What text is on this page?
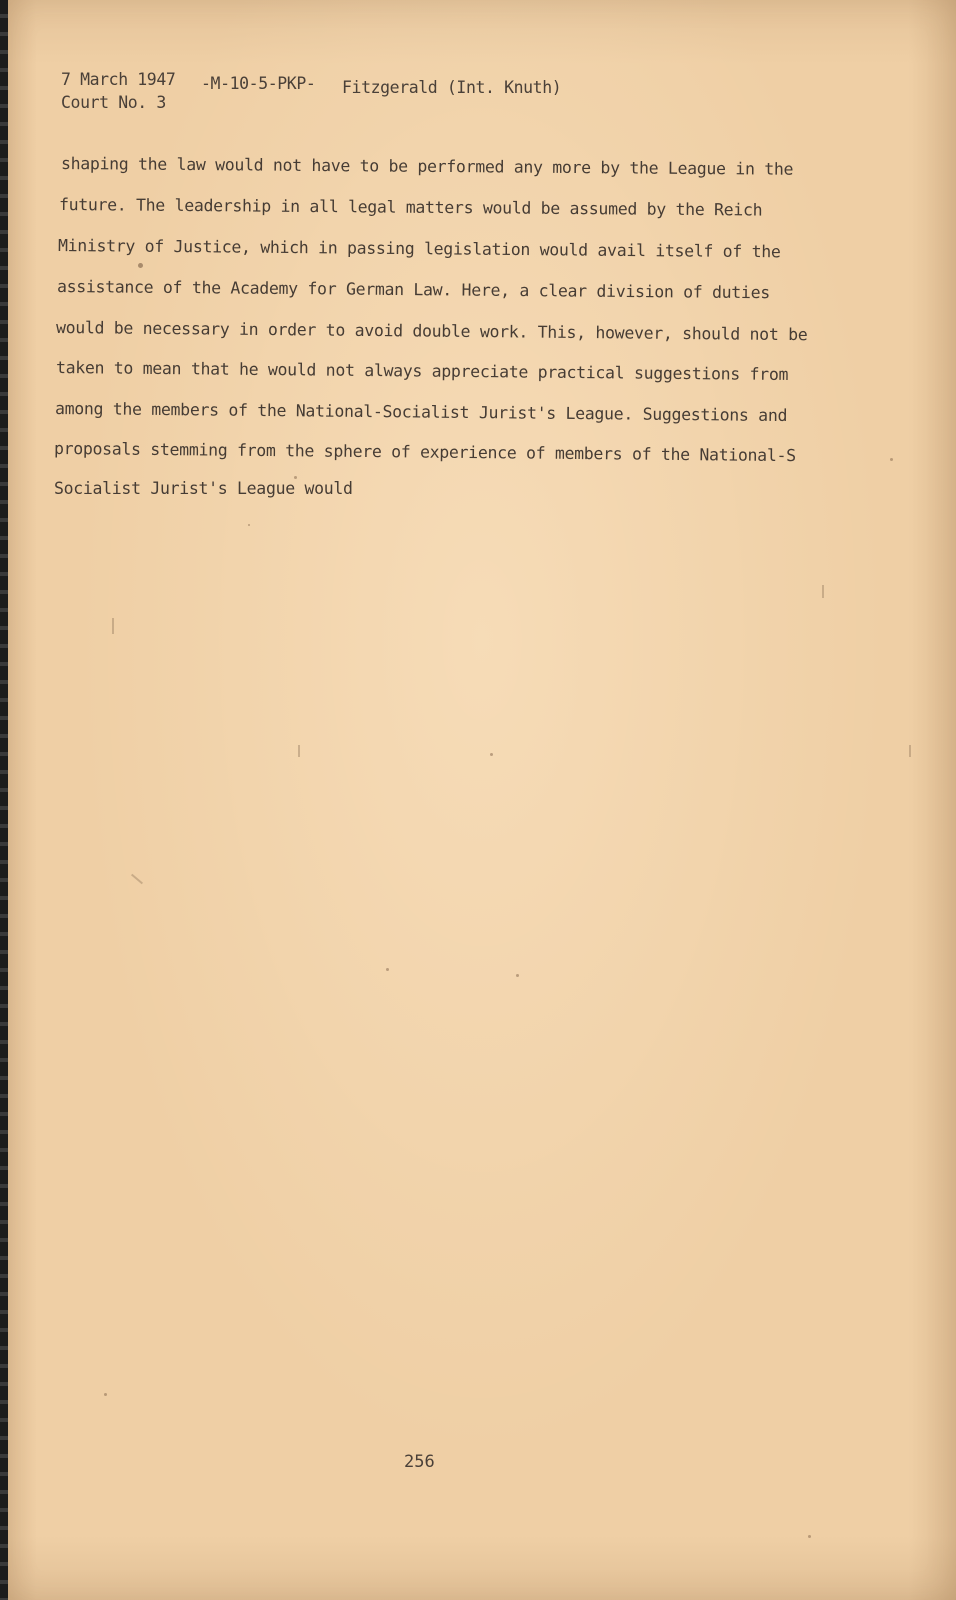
7 March 1947 -M-10-5-PKP- Fitzgerald (Int. Knuth)
Court No. 3
shaping the law would not have to be performed any more by the League in the
future. The leadership in all legal matters would be assumed by the Reich
Ministry of Justice, which in passing legislation would avail itself of the
assistance of the Academy for German Law. Here, a clear division of duties
would be necessary in order to avoid double work. This, however, should not be
taken to mean that he would not always appreciate practical suggestions from
among the members of the National-Socialist Jurist's League. Suggestions and
proposals stemming from the sphere of experience of members of the National-S
Socialist Jurist's League would
256
